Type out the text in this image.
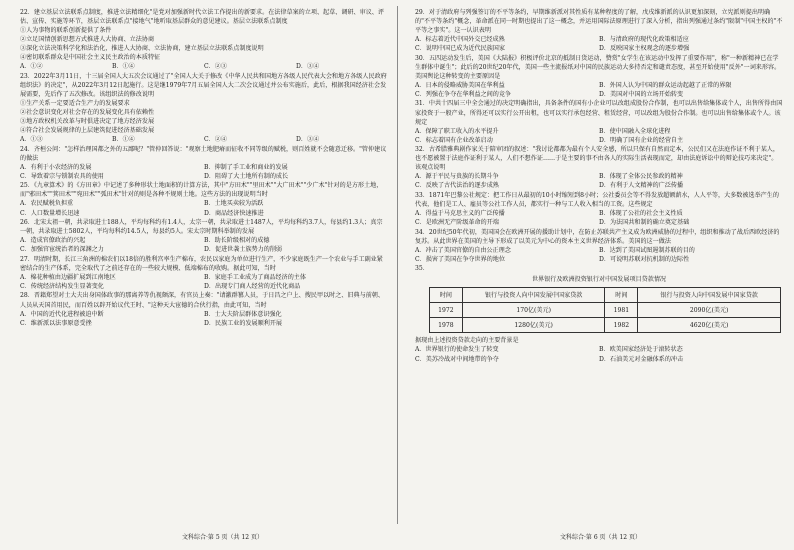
22．建立基层立法联系点制度，推进立法精细化"是党对加强新时代立法工作提出的新要求。在法律草案的立项、起草、调研、审议、评估、宣传、实施等环节，基层立法联系点"接地气"地听取基层群众的意见建议。基层立法联系点制度
①人为事物的联系创新提供了条件
②立足国情创新思想方式推进人大协商、立法协商
③深化立法决策科学化和法治化，推进人大协商、立法协商，建立基层立法联系点制度说明
④密切联系群众是中国社会主义民主政治的本质特征
A．①②	B．①④	C．②③	D．③④
23．2022年3月11日，十三届全国人大五次会议通过了"全国人大关于修改《中华人民共和国地方各级人民代表大会和地方各级人民政府组织法》的决定"，从2022年3月12日起施行。这是继1979年7月五届全国人大二次会议通过并公布实施后，此后，根据我国经济社会发展需要，先后作了五次修改。该组织法的修改说明
①生产关系一定要适合生产力的发展要求
②社会意识变化对社会存在的发展变化具有依赖性
③地方政权机关改革与时俱进决定了地方经济发展
④符合社会发展规律的上层建筑促进经济基础发展
A．①③	B．①④	C．②④	D．③④
24．齐桓公问："怎样治理国都之外的五鄙呢？"管仲回答说："观察土地肥瘠而征收不同等级的赋税，则百姓就不会随意迁移。"管仲建议的做法
A．有利于小农经济的发展	B．抑制了手工业和商业的发展
C．导致着宗与锁制农具的使用	D．阻碍了大土地所有制的成长
25．《九章算术》的《方田章》中记述了多种形状土地面积的计算方法，其中"方田术""里田术""大广田术""少广术"针对的是方形土地，而"邪田术""箕田术""宛田术""弧田术"针对的则是各种不规则土地。这些方法的出现说明当时
A．农民赋税负担重	B．土地买卖较为活跃
C．人口数量增长迅速	D．商品经济快速推进
26．北宋太祖一朝，共录取进士188人，平均每科约有1.4人，太宗一朝，共录取进士1487人，平均每科约3.7人，每县约1.3人；真宗一朝，共录取进士5802人，平均每科约14.5人，每县约5人。宋太宗时期科举制的发展
A．造成官僚政治的兴起	B．助长阶级相对的成德
C．加强官宦统治者的深渊之力	D．促进世袭士族势力的削弱
27．明清时期，长江三角洲的棉农们以18倍的胜利宫率生产棉布，农民以家庭为单位进行生产，不少家庭既生产一个农业与手工副业紧密结合的生产体系，完全取代了之前还存在的一些较大规模、低端棉布的收购。据此可知，当时
A．棉花种植由边疆扩展到江南地区	B．家庭手工业成为了商品经济的主体
C．传统经济结构发生显著变化	D．出现专门商人经营的近代化商品
28．晋籍郑望对士大夫出身国体政事的那离养等仇视颇深，有官员上奏："请激群篡人员，于日昌之户上、搜民甲以时之、旧典与前朝、人员从天国首用民，而百姓以辟开始议代王时、"这种天大宦德的合伙行指，由此可知，当时
A．中国的近代化进程被迫中断	B．士大夫阶层群体意识强化
C．维新派以法事原意受挫	D．民族工业的发展顺利开展
29．对于清政府与列强签订的不平等条约，早期维新派对其性质有某种程度的了解，戊戌维新派的认识更加深刻，立宪派则提出明确的"不平等条约"概念，革命派在同一时期也提出了这一概念，并运用国际法原理进行了深入分析，指出列强通过条约"限制"中国主权的"不平等之事实"。这一认识表明
A．标志着近代中国外交已经成熟	B．与清政府的现代化政策相适应
C．说明中国已成为近代民族国家	D．反映国家主权观念的逐步增强
30．五四运动发生后，美国《大陆报》积极评价北京的抵制日货运动，赞赏"女学生在该运动中发挥了重要作用"，称"一种新精神已在学生群体中诞生"；此后的20世纪20年代，美国一些主流报纸对中国的民族运动大多持否定和谴责态度，甚至开始使用"反外"一词来形容。美国舆论这种转变的主要原因是
A．日本的侵略威胁美国在华利益	B．外国人认为中国的群众运动起越了正常的界限
C．列强在争夺在华利益之间的竞争	D．美国对中国的立场开始转变
31．中共十四届三中全会通过的决定明确指出，具备条件的国有小企业可以改组成股份合作制，也可以出售给集体或个人，出售所得由国家投资于一般产业，所得还可以实行公开出租，也可以实行承包经营、租赁经营，可以改组为股份合作制。也可以出售给集体或个人。该规定
A．保障了职工收入的水平提升	B．使中国融入全球化进程
C．标志着国有企业改革启动	D．明确了国有企业的经营自主
32．古希腊雅典剧作家关于陪审团的叙述："我讨论都都为最有个人安全感，所以只保有自然而定本，公民们又在法庭作证不利于某人，也不愿被置于法庭作证利于某人，人们不想作证……于是主要的事不由各人的实际生活表现而定，却由法庭诉讼中的辩论技巧来决定"。该观点说明
A．源于平民与贵族的长期斗争	B．体现了全体公民参政的精神
C．反映了古代法治的逐步成熟	D．有利于人文精神的广泛传播
33．1871年巴黎公社规定：把工作日从最初的10小时缩短到8小时；公社委员会等不得发放超额薪水，人人平等，大多数被选举产生的代表，他们是工人、雇员等公社工作人员，都实行一种与工人收入相当的工资。这些规定
A．得益于马克思主义的广泛传播	B．体现了公社的社会主义性质
C．是欧洲无产阶级革命的开端	D．为法国共和制的确立奠定基础
34．20世纪50年代初，美国国会在欧洲开展的援助计划中，在防止苏联共产主义成为欧洲威胁的过程中，组织和推动了战后西欧经济的复苏。从此世界在美国的主导下形成了以美元为中心的资本主义世界经济体系。美国的这一做法
A．冲击了美国官僚的自由公正理念	B．达到了美国试图遏制苏联的目的
C．损害了美国在争夺世界的地位	D．可说明苏联对抗机制的边际性
35．
世界银行及欧洲投资银行对中国发展项目贷款情况
时间	银行与投资人向中国发展中国家贷款	时间	银行与投资人向中国发展中国家贷款
1972	170亿(美元)	1981	2090亿(美元)
1978	1280亿(美元)	1982	4620亿(美元)
据现由上述投资贷款走向的主要背景是
A．世界银行的使命发生了转变	B．欧美国家经济处于滚转状态
C．美苏冷战对中间地带的争夺	D．石油美元对金融体系的冲击
文科综合·第 5 页（共 12 页）	文科综合·第 6 页（共 12 页）
